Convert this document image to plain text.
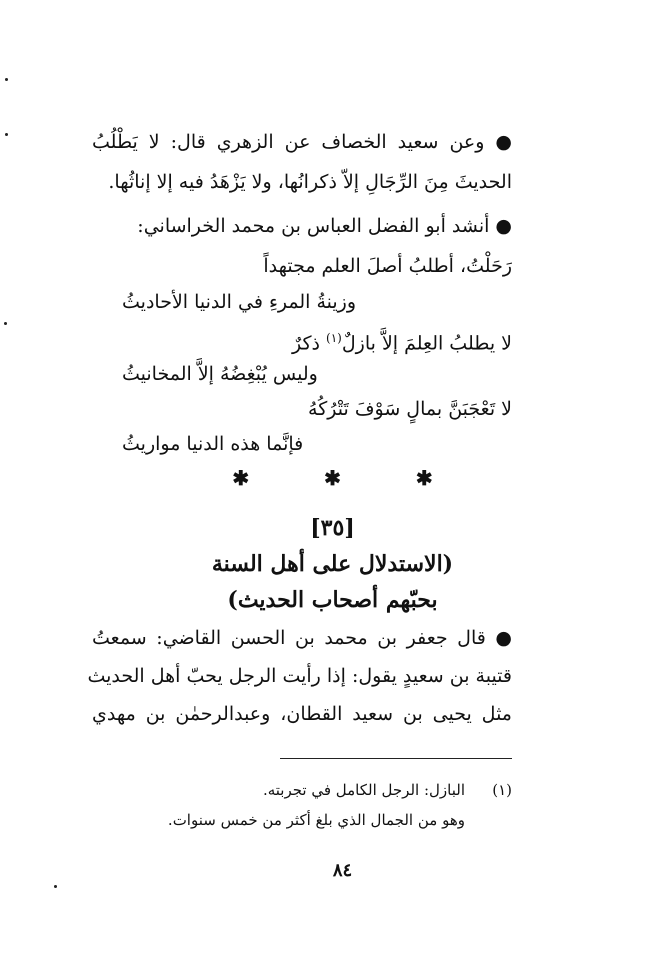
● وعن سعيد الخصاف عن الزهري قال: لا يَطْلُبُ
الحديثَ مِنَ الرِّجَالِ إلاّ ذكرانُها، ولا يَزْهَدُ فيه إلا إناثُها.
● أنشد أبو الفضل العباس بن محمد الخراساني:
رَحَلْتُ، أطلبُ أصلَ العلم مجتهداً
وزينةُ المرءِ في الدنيا الأحاديثُ
لا يطلبُ العِلمَ إلاَّ بازلٌ$^{(١)}$ ذكرٌ
وليس يُبْغِضُهُ إلاَّ المخانيثُ
لا تَعْجَبَنَّ بمالٍ سَوْفَ تَتْرُكُهُ
فإنَّما هذه الدنيا مواريثُ
✱ ✱ ✱
[٣٥]
(الاستدلال على أهل السنة
بحبّهم أصحاب الحديث)
● قال جعفر بن محمد بن الحسن القاضي: سمعتُ
قتيبة بن سعيدٍ يقول: إذا رأيت الرجل يحبّ أهل الحديث
مثل يحيى بن سعيد القطان، وعبدالرحمٰن بن مهدي
(١)
البازل: الرجل الكامل في تجربته.
وهو من الجمال الذي بلغ أكثر من خمس سنوات.
٨٤
